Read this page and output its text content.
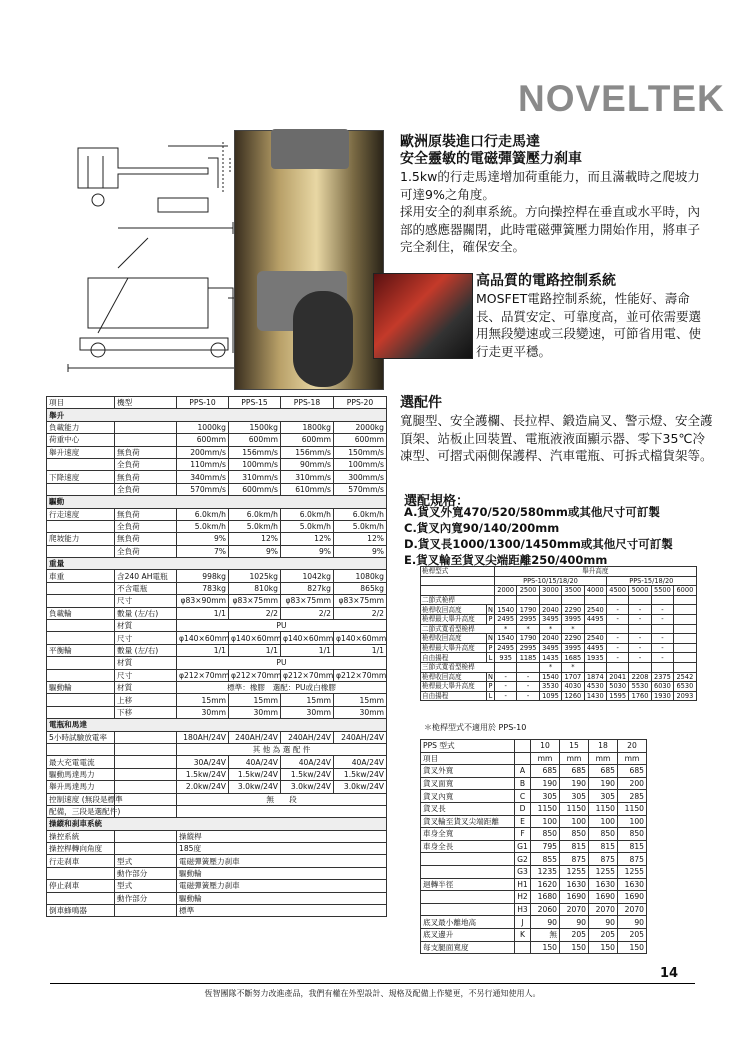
NOVELTEK
歐洲原裝進口行走馬達
安全靈敏的電磁彈簧壓力刹車
1.5kw的行走馬達增加荷重能力，而且滿載時之爬坡力可達9%之角度。
採用安全的刹車系統。方向操控桿在垂直或水平時，內部的感應器關閉，此時電磁彈簧壓力開始作用，將車子完全刹住，確保安全。
高品質的電路控制系統
MOSFET電路控制系統，性能好、壽命長、品質安定、可靠度高，並可依需要選用無段變速或三段變速，可節省用電、使行走更平穩。
選配件
寬腿型、安全護欄、長拉桿、鍛造扁叉、警示燈、安全護頂架、站板止回裝置、電瓶液液面顯示器、零下35℃冷凍型、可摺式兩側保護桿、汽車電瓶、可拆式檔貨架等。
選配規格：
A.貨叉外寬470/520/580mm或其他尺寸可訂製
C.貨叉內寬90/140/200mm
D.貨叉長1000/1300/1450mm或其他尺寸可訂製
E.貨叉輪至貨叉尖端距離250/400mm
項目	機型	PPS-10	PPS-15	PPS-18	PPS-20
舉升					
負載能力		1000kg	1500kg	1800kg	2000kg
荷重中心		600mm	600mm	600mm	600mm
舉升速度	無負荷	200mm/s	156mm/s	156mm/s	150mm/s
	全負荷	110mm/s	100mm/s	90mm/s	100mm/s
下降速度	無負荷	340mm/s	310mm/s	310mm/s	300mm/s
	全負荷	570mm/s	600mm/s	610mm/s	570mm/s
驅動					
行走速度	無負荷	6.0km/h	6.0km/h	6.0km/h	6.0km/h
	全負荷	5.0km/h	5.0km/h	5.0km/h	5.0km/h
爬坡能力	無負荷	9%	12%	12%	12%
	全負荷	7%	9%	9%	9%
重量					
車重	含240 AH電瓶	998kg	1025kg	1042kg	1080kg
	不含電瓶	783kg	810kg	827kg	865kg
	尺寸	φ83×90mm	φ83×75mm	φ83×75mm	φ83×75mm
負載輪	數量 (左/右)	1/1	2/2	2/2	2/2
	材質	PU			
	尺寸	φ140×60mm	φ140×60mm	φ140×60mm	φ140×60mm
平衡輪	數量 (左/右)	1/1	1/1	1/1	1/1
	材質	PU			
	尺寸	φ212×70mm	φ212×70mm	φ212×70mm	φ212×70mm
驅動輪	材質	標準：橡膠　選配：PU或白橡膠			
	上移	15mm	15mm	15mm	15mm
	下移	30mm	30mm	30mm	30mm
電瓶和馬達					
5小時試驗放電率		180AH/24V	240AH/24V	240AH/24V	240AH/24V
		其 他 為 選 配 件			
最大充電電流		30A/24V	40A/24V	40A/24V	40A/24V
驅動馬達馬力		1.5kw/24V	1.5kw/24V	1.5kw/24V	1.5kw/24V
舉升馬達馬力		2.0kw/24V	3.0kw/24V	3.0kw/24V	3.0kw/24V
控制速度 (無段是標準		無　　段			
配備，三段是選配件)					
操縱和刹車系統					
操控系統		操縱桿			
操控桿轉向角度		185度			
行走刹車	型式	電磁彈簧壓力刹車			
	動作部分	驅動輪			
停止刹車	型式	電磁彈簧壓力刹車			
	動作部分	驅動輪			
倒車蜂鳴器		標準			
桅桿型式		舉升高度								
		PPS-10/15/18/20					PPS-15/18/20			
		2000	2500	3000	3500	4000	4500	5000	5500	6000
二節式桅桿										
桅桿收回高度	N	1540	1790	2040	2290	2540	-	-	-	
桅桿最大舉升高度	P	2495	2995	3495	3995	4495	-	-	-	
二節式寬看型桅桿		*	*	*	*					
桅桿收回高度	N	1540	1790	2040	2290	2540	-	-	-	
桅桿最大舉升高度	P	2495	2995	3495	3995	4495	-	-	-	
自由揚程	L	935	1185	1435	1685	1935	-	-	-	
三節式寬看型桅桿				*	*					
桅桿收回高度	N	-	-	1540	1707	1874	2041	2208	2375	2542
桅桿最大舉升高度	P	-	-	3530	4030	4530	5030	5530	6030	6530
自由揚程	L	-	-	1095	1260	1430	1595	1760	1930	2093
＊桅桿型式不適用於 PPS-10
PPS 型式		10	15	18	20
項目		mm	mm	mm	mm
貨叉外寬	A	685	685	685	685
貨叉面寬	B	190	190	190	200
貨叉內寬	C	305	305	305	285
貨叉長	D	1150	1150	1150	1150
貨叉輪至貨叉尖端距離	E	100	100	100	100
車身全寬	F	850	850	850	850
車身全長	G1	795	815	815	815
	G2	855	875	875	875
	G3	1235	1255	1255	1255
迴轉半徑	H1	1620	1630	1630	1630
	H2	1680	1690	1690	1690
	H3	2060	2070	2070	2070
底叉最小離地高	J	90	90	90	90
底叉邊升	K	無	205	205	205
每支腿面寬度		150	150	150	150
14
恆智團隊不斷努力改進產品，我們有權在外型設計、規格及配備上作變更，不另行通知使用人。
